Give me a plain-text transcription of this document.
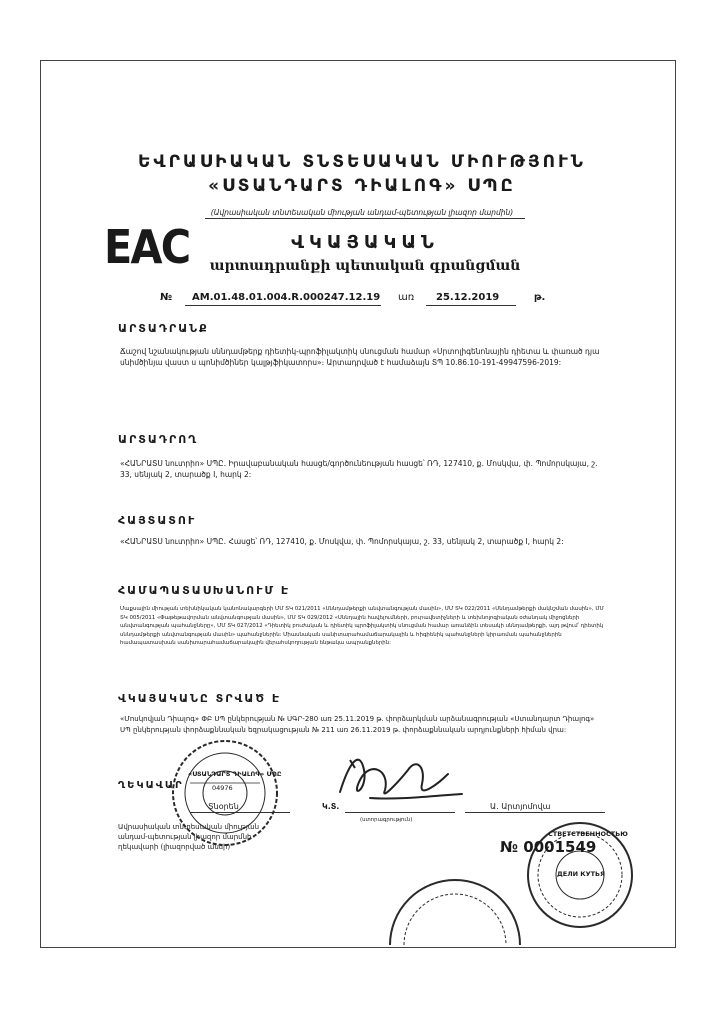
ԵՎՐԱՍԻԱԿԱՆ ՏՆՏԵՍԱԿԱՆ ՄԻՈՒԹՅՈՒՆ
«ՍՏԱՆԴԱՐՏ ԴԻԱԼՈԳ» ՍՊԸ
(Ավրասիական տնտեսական միության անդամ-պետության լիազոր մարմին)
EAC	ՎԿԱՅԱԿԱՆ
արտադրանքի պետական գրանցման
№ AM.01.48.01.004.R.000247.12.19 առ 25.12.2019	թ.
ԱՐՏԱԴՐԱՆՔ
Ճաշով նշանակության սննդամթերք դիետիկ-պրոֆիլակտիկ սնուցման համար «Սրտոլիգենոնային դիետա և փառած դյա սնիմծինյա վաստ ս պոնիմծիներ կալթյֆիկատորս»։ Արտադրված է համաձայն ՏՊ 10.86.10-191-49947596-2019:
ԱՐՏԱԴՐՈՂ
«ՀԱՆՐԱՏՍ նուտրիո» ՍՊԸ․ Իրավաբանական հասցե/գործունեության հասցե՝ ՌԴ, 127410, ք. Մոսկվա, փ. Պոմորսկայա, շ. 33, սենյակ 2, տարածք I, հարկ 2:
ՀԱՅՏԱՏՈՒ
«ՀԱՆՐԱՏՍ նուտրիո» ՍՊԸ․ Հասցե՝ ՌԴ, 127410, ք. Մոսկվա, փ. Պոմորսկայա, շ. 33, սենյակ 2, տարածք I, հարկ 2:
ՀԱՄԱՊԱՏԱՍԽԱՆՈՒՄ Է
Մաքսային միության տեխնիկական կանոնակարգերի ՄՄ ՏԿ 021/2011 «Սննդամթերքի անվտանգության մասին», ՄՄ ՏԿ 022/2011 «Սննդամթերքի մակնշման մասին», ՄՄ ՏԿ 005/2011 «Փաթեթավորման անվտանգության մասին», ՄՄ ՏԿ 029/2012 «Սննդային հավելումների, բուրավետիչների և տեխնոլոգիական օժանդակ միջոցների անվտանգության պահանջները», ՄՄ ՏԿ 027/2012 «Դիետիկ բուժական և դիետիկ պրոֆիլակտիկ սնուցման համար առանձին տեսակի սննդամթերքի, այդ թվում՝ դիետիկ սննդամթերքի անվտանգության մասին» պահանջներին: Միասնական սանիտարահամաճարակային և հիգիենիկ պահանջների կիրառման պահանջներին համապատասխան սանիտարահամաճարակային վերահսկողության ենթակա ապրանքներին:
ՎԿԱՅԱԿԱՆԸ ՏՐՎԱԾ Է
«Մոսկովյան Դիալոգ» ՓԲ ՍՊ ընկերության № ՍԳՐ-280 առ 25.11.2019 թ. փորձարկման արձանագրության «Ստանդարտ Դիալոգ» ՍՊ ընկերության փորձաքննական եզրակացության № 211 առ 26.11.2019 թ. փորձաքննական արդյունքների հիման վրա:
ՂԵԿԱՎԱՐ
Տնօրեն	Կ.Տ.
(ստորագրություն)
Ա. Արտյոմովա
Ավրասիական տնտեսական միության
անդամ-պետության լիազոր մարմնի
ղեկավարի (լիազորված անձի)
«ՍՏԱՆԴԱՐՏ ԴԻԱԼՈԳ» ՍՊԸ
04976
СТВЕТСТВЕННОСТЬЮ
ДЕЛИ КУТЬЯ
№ 0001549
